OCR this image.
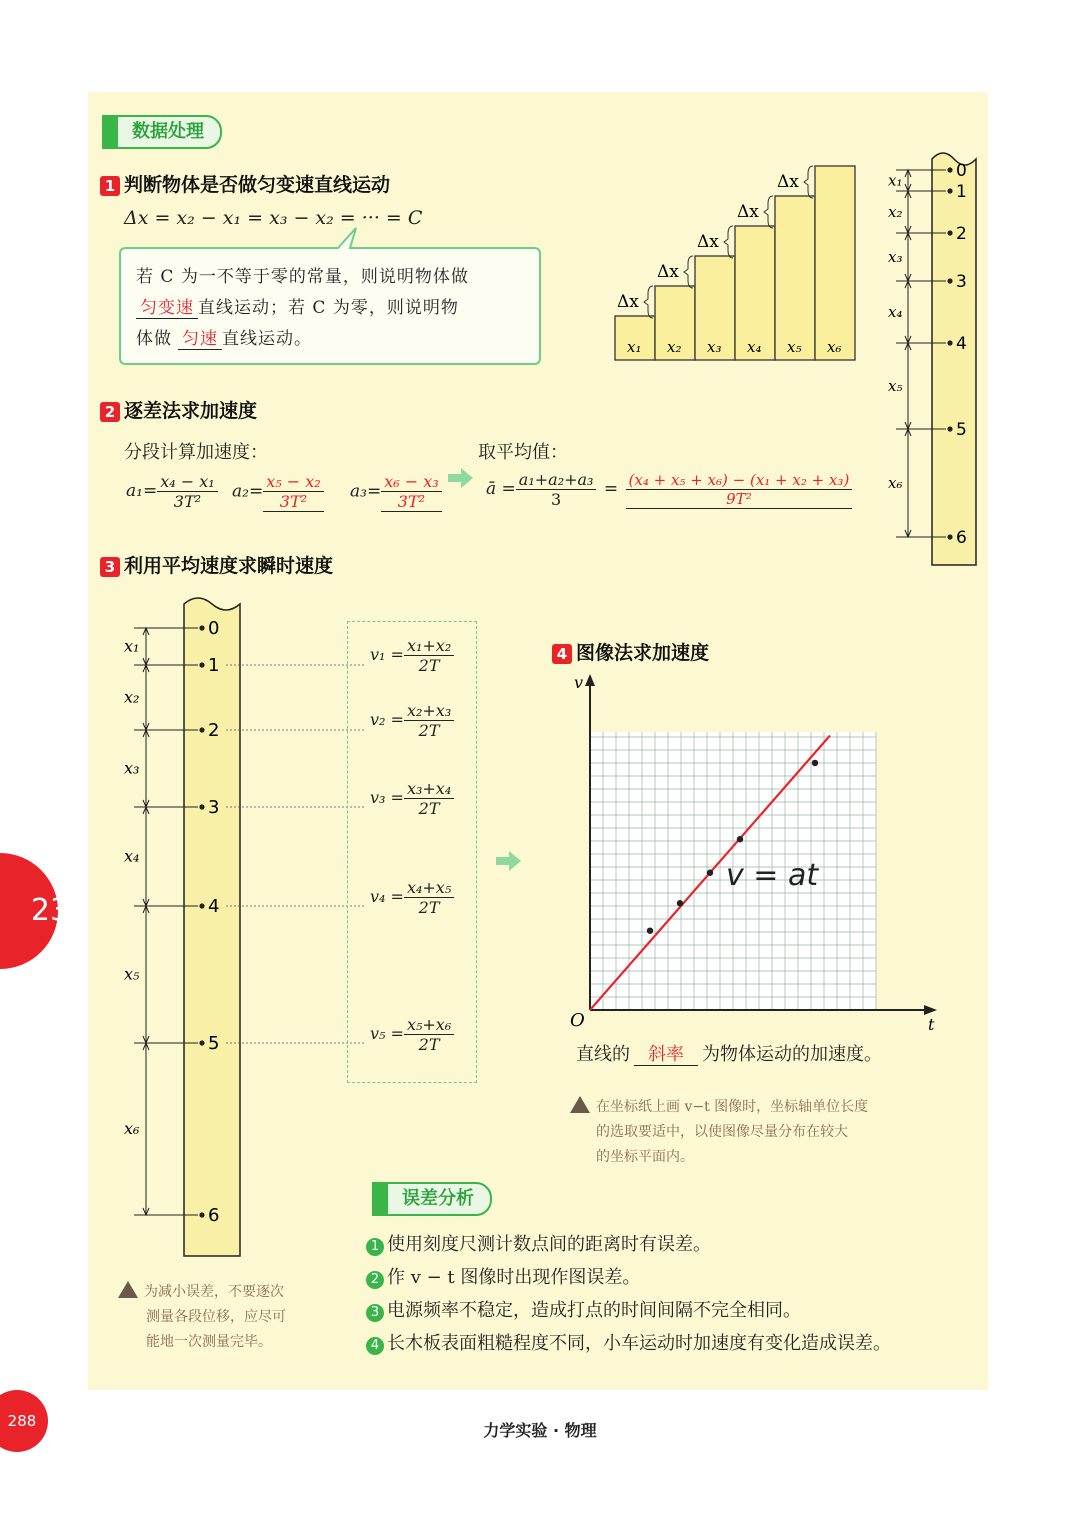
23
288	力学实验 · 物理
数据处理
1 判断物体是否做匀变速直线运动
Δx = x₂ − x₁ = x₃ − x₂ = ··· = C
若 C 为一不等于零的常量，则说明物体做
匀变速 直线运动；若 C 为零，则说明物
体做 匀速 直线运动。	x₁
Δx
x₂
Δx
x₃
Δx
x₄
Δx
x₅
Δx
x₆
0
1
2
3
4
5
6
x₁
x₂
x₃
x₄
x₅
x₆
2 逐差法求加速度
分段计算加速度：	取平均值：
$a_1= \frac{\text{x₄ − x₁}}{\text{3T²}} a_2= \frac{\text{x₅ − x₂}}{\text{3T²}} a_3= \frac{\text{x₆ − x₃}}{\text{3T²}}$	ā = $\frac{\text{a₁+a₂+a₃}}{3} = \frac{\text{(x₄ + x₅ + x₆) − (x₁ + x₂ + x₃)}}{\text{9T²}}$
3 利用平均速度求瞬时速度
0
1
2
3
4
5
6
x₁
x₂
x₃
x₄
x₅
x₆
$v_1 = \frac{\text{x₁+x₂}}{2T}$
$v_2 = \frac{\text{x₂+x₃}}{2T}$
$v_3 = \frac{\text{x₃+x₄}}{2T}$
$v_4 = \frac{\text{x₄+x₅}}{2T}$
$v_5 = \frac{\text{x₅+x₆}}{2T}$
为减小误差，不要逐次
测量各段位移，应尽可
能地一次测量完毕。
4 图像法求加速度
v
t
O
v = at
直线的 斜率 为物体运动的加速度。
在坐标纸上画 v−t 图像时，坐标轴单位长度
的选取要适中，以使图像尽量分布在较大
的坐标平面内。
误差分析
1 使用刻度尺测计数点间的距离时有误差。
2 作 v − t 图像时出现作图误差。
3 电源频率不稳定，造成打点的时间间隔不完全相同。
4 长木板表面粗糙程度不同，小车运动时加速度有变化造成误差。
